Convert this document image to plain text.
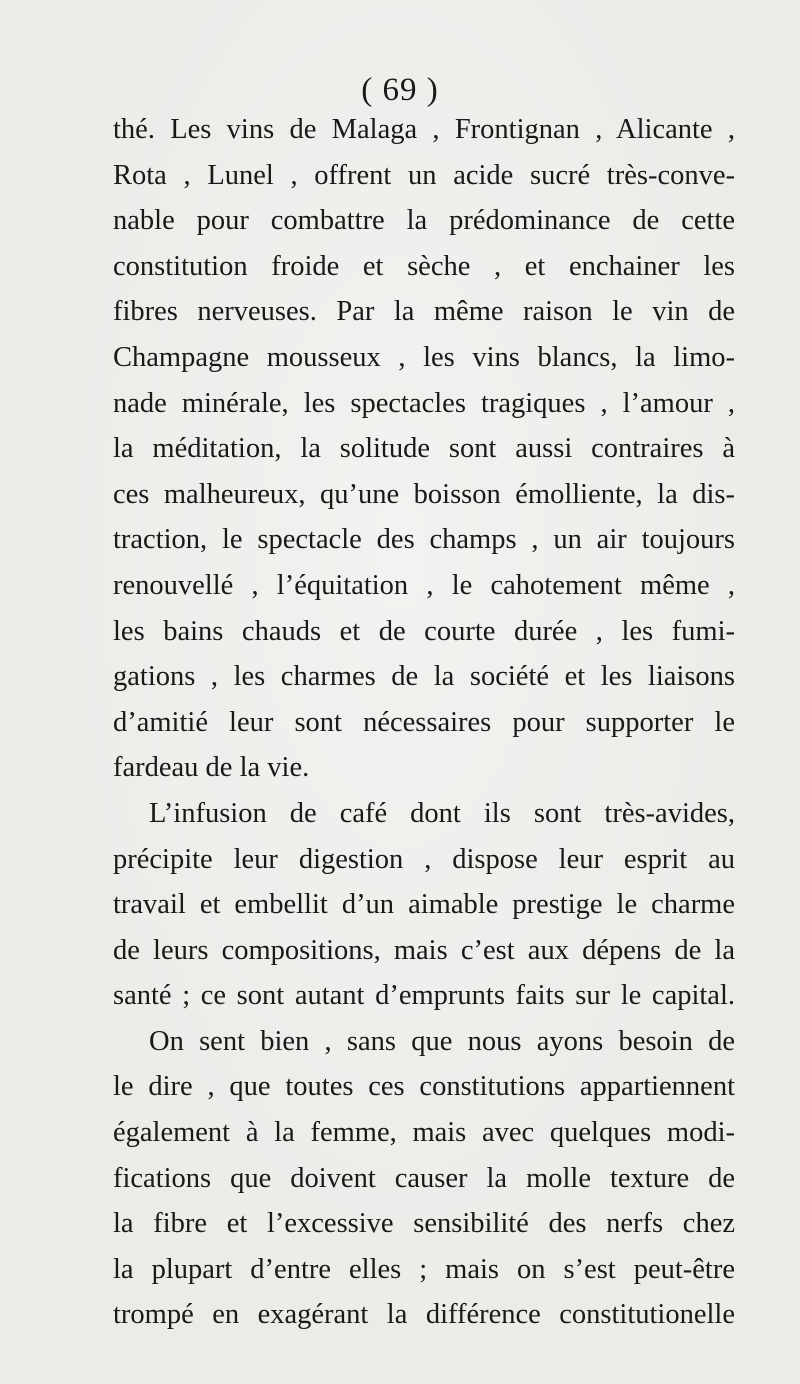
( 69 )
thé. Les vins de Malaga , Frontignan , Alicante ,
Rota , Lunel , offrent un acide sucré très-conve-
nable pour combattre la prédominance de cette
constitution froide et sèche , et enchainer les
fibres nerveuses. Par la même raison le vin de
Champagne mousseux , les vins blancs, la limo-
nade minérale, les spectacles tragiques , l’amour ,
la méditation, la solitude sont aussi contraires à
ces malheureux, qu’une boisson émolliente, la dis-
traction, le spectacle des champs , un air toujours
renouvellé , l’équitation , le cahotement même ,
les bains chauds et de courte durée , les fumi-
gations , les charmes de la société et les liaisons
d’amitié leur sont nécessaires pour supporter le
fardeau de la vie.
L’infusion de café dont ils sont très-avides,
précipite leur digestion , dispose leur esprit au
travail et embellit d’un aimable prestige le charme
de leurs compositions, mais c’est aux dépens de la
santé ; ce sont autant d’emprunts faits sur le capital.
On sent bien , sans que nous ayons besoin de
le dire , que toutes ces constitutions appartiennent
également à la femme, mais avec quelques modi-
fications que doivent causer la molle texture de
la fibre et l’excessive sensibilité des nerfs chez
la plupart d’entre elles ; mais on s’est peut-être
trompé en exagérant la différence constitutionelle
